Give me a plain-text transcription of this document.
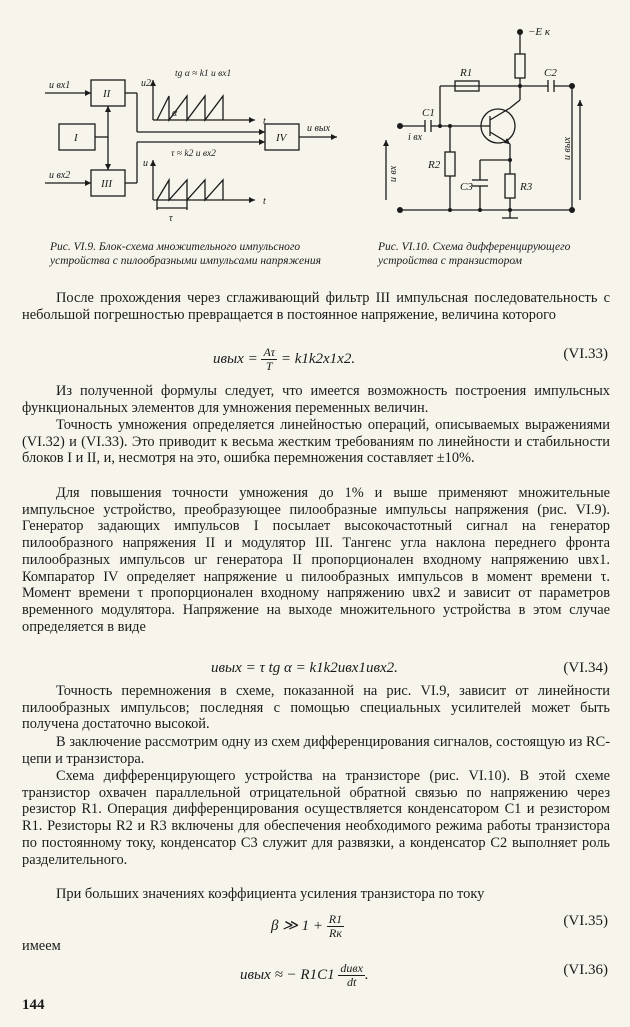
II
I
III
IV
u вх1
u вх2
u вых
u2
u
t
t
α
τ
tg α ≈ k1 u вх1
τ ≈ k2 u вх2

Рис. VI.9. Блок-схема множительного импульсного устройства с пилообразными импульсами напряжения

−E к
R1	C2
C1
i вх
R2
C3	R3
u вх
u вых

Рис. VI.10. Схема дифференцирующего устройства с транзистором

После прохождения через сглаживающий фильтр III импульсная последовательность с небольшой погрешностью превращается в постоянное напряжение, величина которого

uвых = $\frac{A\tau}{T} = k1k2x1x2$.	(VI.33)

Из полученной формулы следует, что имеется возможность построения импульсных функциональных элементов для умножения переменных величин.

Точность умножения определяется линейностью операций, описываемых выражениями (VI.32) и (VI.33). Это приводит к весьма жестким требованиям по линейности и стабильности блоков I и II, и, несмотря на это, ошибка перемножения составляет ±10%.

Для повышения точности умножения до 1% и выше применяют множительные импульсное устройство, преобразующее пилообразные импульсы напряжения (рис. VI.9). Генератор задающих импульсов I посылает высокочастотный сигнал на генератор пилообразного напряжения II и модулятор III. Тангенс угла наклона переднего фронта пилообразных импульсов uг генератора II пропорционален входному напряжению uвх1. Компаратор IV определяет напряжение u пилообразных импульсов в момент времени τ. Момент времени τ пропорционален входному напряжению uвх2 и зависит от параметров временного модулятора. Напряжение на выходе множительного устройства в этом случае определяется в виде

uвых = τ tg α = k1k2uвх1uвх2.	(VI.34)

Точность перемножения в схеме, показанной на рис. VI.9, зависит от линейности пилообразных импульсов; последняя с помощью специальных усилителей может быть получена достаточно высокой.

В заключение рассмотрим одну из схем дифференцирования сигналов, состоящую из RC-цепи и транзистора.

Схема дифференцирующего устройства на транзисторе (рис. VI.10). В этой схеме транзистор охвачен параллельной отрицательной обратной связью по напряжению через резистор R1. Операция дифференцирования осуществляется конденсатором C1 и резистором R1. Резисторы R2 и R3 включены для обеспечения необходимого режима работы транзистора по постоянному току, конденсатор C3 служит для развязки, а конденсатор C2 выполняет роль разделительного.

При больших значениях коэффициента усиления транзистора по току

β ≫ $1 + \frac{R1}{Rк}$	(VI.35)

имеем

uвых ≈ − $R1C1 \frac{\text{duвх}}{dt}$ .	(VI.36)
144
